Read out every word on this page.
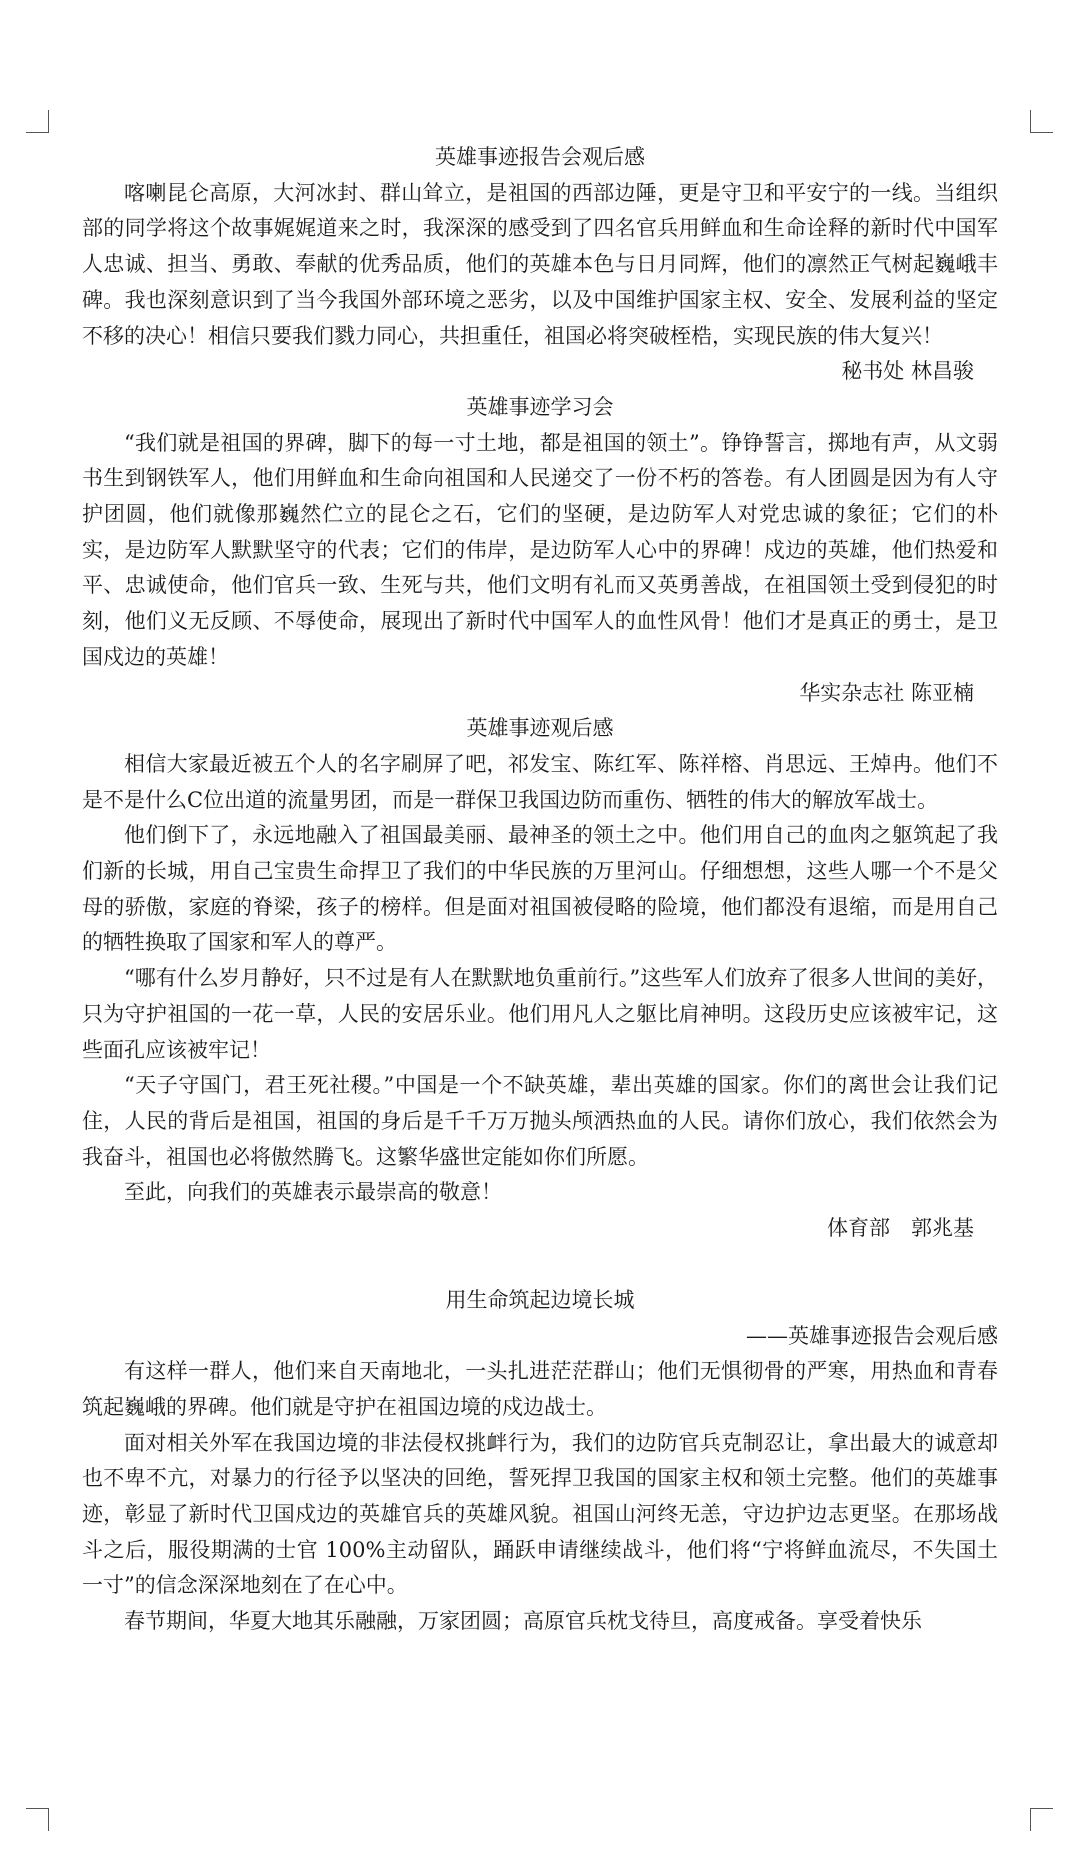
英雄事迹报告会观后感

喀喇昆仑高原，大河冰封、群山耸立，是祖国的西部边陲，更是守卫和平安宁的一线。当组织部的同学将这个故事娓娓道来之时，我深深的感受到了四名官兵用鲜血和生命诠释的新时代中国军人忠诚、担当、勇敢、奉献的优秀品质，他们的英雄本色与日月同辉，他们的凛然正气树起巍峨丰碑。我也深刻意识到了当今我国外部环境之恶劣，以及中国维护国家主权、安全、发展利益的坚定不移的决心！相信只要我们戮力同心，共担重任，祖国必将突破桎梏，实现民族的伟大复兴！

秘书处 林昌骏
英雄事迹学习会

“我们就是祖国的界碑，脚下的每一寸土地，都是祖国的领土”。铮铮誓言，掷地有声，从文弱书生到钢铁军人，他们用鲜血和生命向祖国和人民递交了一份不朽的答卷。有人团圆是因为有人守护团圆，他们就像那巍然伫立的昆仑之石，它们的坚硬，是边防军人对党忠诚的象征；它们的朴实，是边防军人默默坚守的代表；它们的伟岸，是边防军人心中的界碑！戍边的英雄，他们热爱和平、忠诚使命，他们官兵一致、生死与共，他们文明有礼而又英勇善战，在祖国领土受到侵犯的时刻，他们义无反顾、不辱使命，展现出了新时代中国军人的血性风骨！他们才是真正的勇士，是卫国戍边的英雄！

华实杂志社 陈亚楠
英雄事迹观后感

相信大家最近被五个人的名字刷屏了吧，祁发宝、陈红军、陈祥榕、肖思远、王焯冉。他们不是不是什么C位出道的流量男团，而是一群保卫我国边防而重伤、牺牲的伟大的解放军战士。

他们倒下了，永远地融入了祖国最美丽、最神圣的领土之中。他们用自己的血肉之躯筑起了我们新的长城，用自己宝贵生命捍卫了我们的中华民族的万里河山。仔细想想，这些人哪一个不是父母的骄傲，家庭的脊梁，孩子的榜样。但是面对祖国被侵略的险境，他们都没有退缩，而是用自己的牺牲换取了国家和军人的尊严。

“哪有什么岁月静好，只不过是有人在默默地负重前行。”这些军人们放弃了很多人世间的美好，只为守护祖国的一花一草，人民的安居乐业。他们用凡人之躯比肩神明。这段历史应该被牢记，这些面孔应该被牢记！

“天子守国门，君王死社稷。”中国是一个不缺英雄，辈出英雄的国家。你们的离世会让我们记住，人民的背后是祖国，祖国的身后是千千万万抛头颅洒热血的人民。请你们放心，我们依然会为我奋斗，祖国也必将傲然腾飞。这繁华盛世定能如你们所愿。

至此，向我们的英雄表示最崇高的敬意！

体育部　郭兆基
用生命筑起边境长城
——英雄事迹报告会观后感

有这样一群人，他们来自天南地北，一头扎进茫茫群山；他们无惧彻骨的严寒，用热血和青春筑起巍峨的界碑。他们就是守护在祖国边境的戍边战士。

面对相关外军在我国边境的非法侵权挑衅行为，我们的边防官兵克制忍让，拿出最大的诚意却也不卑不亢，对暴力的行径予以坚决的回绝，誓死捍卫我国的国家主权和领土完整。他们的英雄事迹，彰显了新时代卫国戍边的英雄官兵的英雄风貌。祖国山河终无恙，守边护边志更坚。在那场战斗之后，服役期满的士官 100%主动留队，踊跃申请继续战斗，他们将“宁将鲜血流尽，不失国土一寸”的信念深深地刻在了在心中。

春节期间，华夏大地其乐融融，万家团圆；高原官兵枕戈待旦，高度戒备。享受着快乐
